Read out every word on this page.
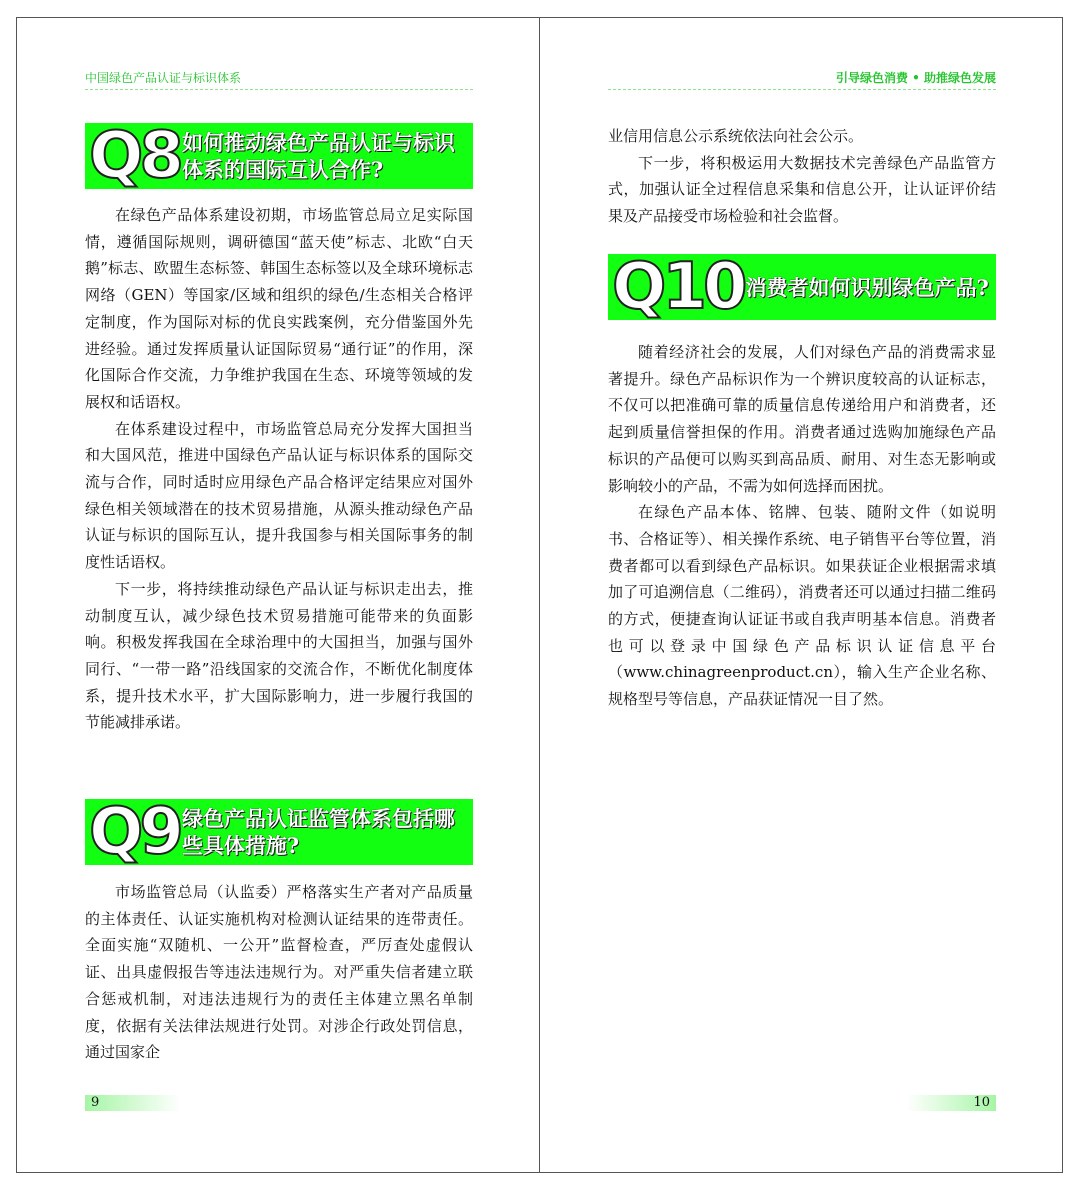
中国绿色产品认证与标识体系
Q8 如何推动绿色产品认证与标识体系的国际互认合作?

在绿色产品体系建设初期，市场监管总局立足实际国情，遵循国际规则，调研德国“蓝天使”标志、北欧“白天鹅”标志、欧盟生态标签、韩国生态标签以及全球环境标志网络（GEN）等国家/区域和组织的绿色/生态相关合格评定制度，作为国际对标的优良实践案例，充分借鉴国外先进经验。通过发挥质量认证国际贸易“通行证”的作用，深化国际合作交流，力争维护我国在生态、环境等领域的发展权和话语权。

在体系建设过程中，市场监管总局充分发挥大国担当和大国风范，推进中国绿色产品认证与标识体系的国际交流与合作，同时适时应用绿色产品合格评定结果应对国外绿色相关领域潜在的技术贸易措施，从源头推动绿色产品认证与标识的国际互认，提升我国参与相关国际事务的制度性话语权。

下一步，将持续推动绿色产品认证与标识走出去，推动制度互认，减少绿色技术贸易措施可能带来的负面影响。积极发挥我国在全球治理中的大国担当，加强与国外同行、“一带一路”沿线国家的交流合作，不断优化制度体系，提升技术水平，扩大国际影响力，进一步履行我国的节能减排承诺。

Q9 绿色产品认证监管体系包括哪些具体措施?

市场监管总局（认监委）严格落实生产者对产品质量的主体责任、认证实施机构对检测认证结果的连带责任。全面实施“双随机、一公开”监督检查，严厉查处虚假认证、出具虚假报告等违法违规行为。对严重失信者建立联合惩戒机制，对违法违规行为的责任主体建立黑名单制度，依据有关法律法规进行处罚。对涉企行政处罚信息，通过国家企

9
引导绿色消费 • 助推绿色发展

业信用信息公示系统依法向社会公示。

下一步，将积极运用大数据技术完善绿色产品监管方式，加强认证全过程信息采集和信息公开，让认证评价结果及产品接受市场检验和社会监督。

Q10 消费者如何识别绿色产品?

随着经济社会的发展，人们对绿色产品的消费需求显著提升。绿色产品标识作为一个辨识度较高的认证标志，不仅可以把准确可靠的质量信息传递给用户和消费者，还起到质量信誉担保的作用。消费者通过选购加施绿色产品标识的产品便可以购买到高品质、耐用、对生态无影响或影响较小的产品，不需为如何选择而困扰。

在绿色产品本体、铭牌、包装、随附文件（如说明书、合格证等）、相关操作系统、电子销售平台等位置，消费者都可以看到绿色产品标识。如果获证企业根据需求填加了可追溯信息（二维码），消费者还可以通过扫描二维码的方式，便捷查询认证证书或自我声明基本信息。消费者也可以登录中国绿色产品标识认证信息平台（www.chinagreenproduct.cn），输入生产企业名称、规格型号等信息，产品获证情况一目了然。

10
